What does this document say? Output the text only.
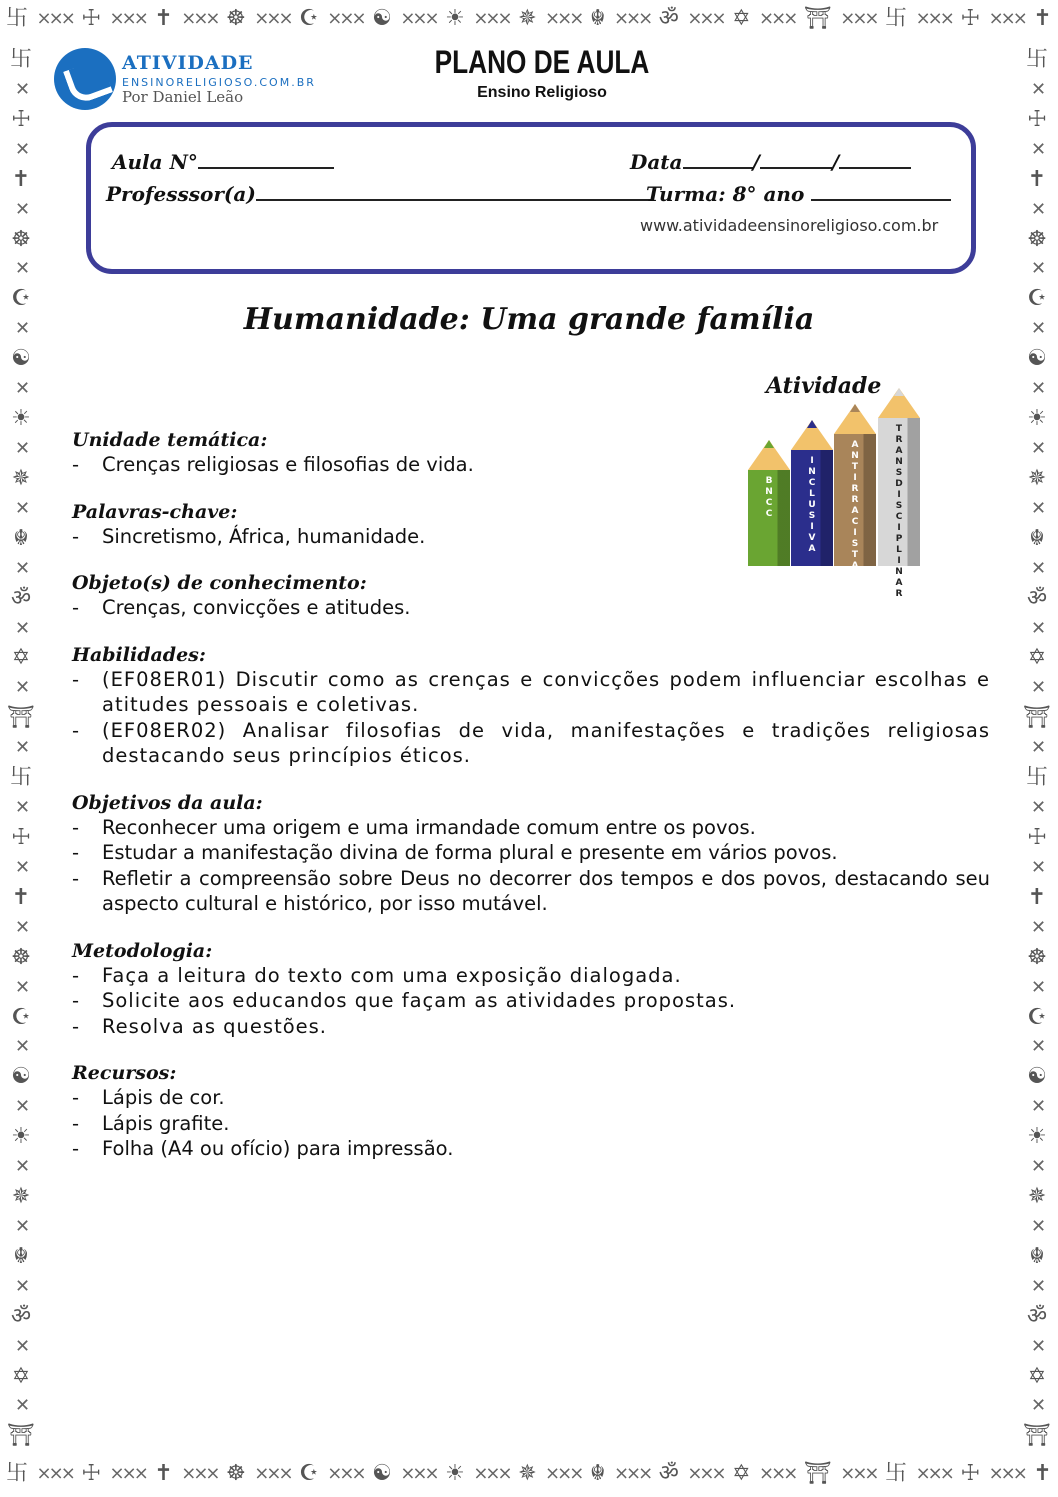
卐 ⨯⨯⨯ ☩ ⨯⨯⨯ ✝ ⨯⨯⨯ ☸ ⨯⨯⨯ ☪ ⨯⨯⨯ ☯ ⨯⨯⨯ ☀ ⨯⨯⨯ ✵ ⨯⨯⨯ ☬ ⨯⨯⨯ ॐ ⨯⨯⨯ ✡ ⨯⨯⨯ ⛩ ⨯⨯⨯ 卐 ⨯⨯⨯ ☩ ⨯⨯⨯ ✝
卐 ⨯⨯⨯ ☩ ⨯⨯⨯ ✝ ⨯⨯⨯ ☸ ⨯⨯⨯ ☪ ⨯⨯⨯ ☯ ⨯⨯⨯ ☀ ⨯⨯⨯ ✵ ⨯⨯⨯ ☬ ⨯⨯⨯ ॐ ⨯⨯⨯ ✡ ⨯⨯⨯ ⛩ ⨯⨯⨯ 卐 ⨯⨯⨯ ☩ ⨯⨯⨯ ✝
卐
✕
☩
✕
✝
✕
☸
✕
☪
✕
☯
✕
☀
✕
✵
✕
☬
✕
ॐ
✕
✡
✕
⛩
✕
卐
✕
☩
✕
✝
✕
☸
✕
☪
✕
☯
✕
☀
✕
✵
✕
☬
✕
ॐ
✕
✡
✕
⛩
卐
✕
☩
✕
✝
✕
☸
✕
☪
✕
☯
✕
☀
✕
✵
✕
☬
✕
ॐ
✕
✡
✕
⛩
✕
卐
✕
☩
✕
✝
✕
☸
✕
☪
✕
☯
✕
☀
✕
✵
✕
☬
✕
ॐ
✕
✡
✕
⛩
ATIVIDADE
ENSINORELIGIOSO.COM.BR
Por Daniel Leão
PLANO DE AULA
Ensino Religioso
Aula N°	Data	/	/
Professsor(a)	Turma: 8° ano
www.atividadeensinoreligioso.com.br
Humanidade: Uma grande família
Atividade
B
N
C
C
I
N
C
L
U
S
I
V
A
A
N
T
I
R
R
A
C
I
S
T
A
T
R
A
N
S
D
I
S
C
I
P
L
I
N
A
R
Unidade temática:
- Crenças religiosas e filosofias de vida.
Palavras-chave:
- Sincretismo, África, humanidade.
Objeto(s) de conhecimento:
- Crenças, convicções e atitudes.
Habilidades:
- (EF08ER01) Discutir como as crenças e convicções podem influenciar escolhas e atitudes pessoais e coletivas.
- (EF08ER02) Analisar filosofias de vida, manifestações e tradições religiosas destacando seus princípios éticos.
Objetivos da aula:
- Reconhecer uma origem e uma irmandade comum entre os povos.
- Estudar a manifestação divina de forma plural e presente em vários povos.
- Refletir a compreensão sobre Deus no decorrer dos tempos e dos povos, destacando seu aspecto cultural e histórico, por isso mutável.
Metodologia:
- Faça a leitura do texto com uma exposição dialogada.
- Solicite aos educandos que façam as atividades propostas.
- Resolva as questões.
Recursos:
- Lápis de cor.
- Lápis grafite.
- Folha (A4 ou ofício) para impressão.
